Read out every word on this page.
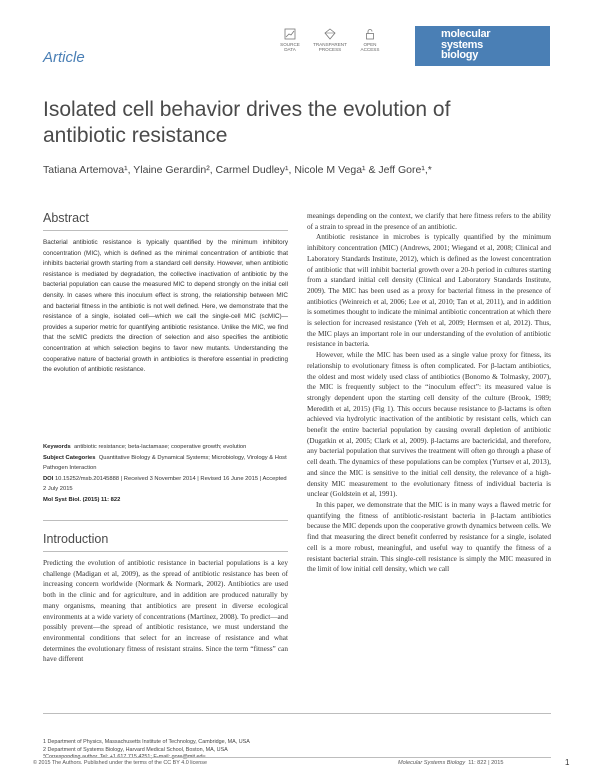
Article
SOURCE
DATA
TRANSPARENT
PROCESS
OPEN
ACCESS
molecular
systems
biology
Isolated cell behavior drives the evolution of antibiotic resistance
Tatiana Artemova¹, Ylaine Gerardin², Carmel Dudley¹, Nicole M Vega¹ & Jeff Gore¹,*
Abstract
Bacterial antibiotic resistance is typically quantified by the minimum inhibitory concentration (MIC), which is defined as the minimal concentration of antibiotic that inhibits bacterial growth starting from a standard cell density. However, when antibiotic resistance is mediated by degradation, the collective inactivation of antibiotic by the bacterial population can cause the measured MIC to depend strongly on the initial cell density. In cases where this inoculum effect is strong, the relationship between MIC and bacterial fitness in the antibiotic is not well defined. Here, we demonstrate that the resistance of a single, isolated cell—which we call the single-cell MIC (scMIC)—provides a superior metric for quantifying antibiotic resistance. Unlike the MIC, we find that the scMIC predicts the direction of selection and also specifies the antibiotic concentration at which selection begins to favor new mutants. Understanding the cooperative nature of bacterial growth in antibiotics is therefore essential in predicting the evolution of antibiotic resistance.
Keywords antibiotic resistance; beta-lactamase; cooperative growth; evolution
Subject Categories Quantitative Biology & Dynamical Systems; Microbiology, Virology & Host Pathogen Interaction
DOI 10.15252/msb.20145888 | Received 3 November 2014 | Revised 16 June 2015 | Accepted 2 July 2015
Mol Syst Biol. (2015) 11: 822
Introduction
Predicting the evolution of antibiotic resistance in bacterial populations is a key challenge (Madigan et al, 2009), as the spread of antibiotic resistance has been of increasing concern worldwide (Normark & Normark, 2002). Antibiotics are used both in the clinic and for agriculture, and in addition are produced naturally by many organisms, meaning that antibiotics are present in diverse ecological environments at a wide variety of concentrations (Martínez, 2008). To predict—and possibly prevent—the spread of antibiotic resistance, we must understand the environmental conditions that select for an increase of resistance and what determines the evolutionary fitness of resistant strains. Since the term “fitness” can have different

meanings depending on the context, we clarify that here fitness refers to the ability of a strain to spread in the presence of an antibiotic.

Antibiotic resistance in microbes is typically quantified by the minimum inhibitory concentration (MIC) (Andrews, 2001; Wiegand et al, 2008; Clinical and Laboratory Standards Institute, 2012), which is defined as the lowest concentration of antibiotic that will inhibit bacterial growth over a 20-h period in cultures starting from a standard initial cell density (Clinical and Laboratory Standards Institute, 2009). The MIC has been used as a proxy for bacterial fitness in the presence of antibiotics (Weinreich et al, 2006; Lee et al, 2010; Tan et al, 2011), and in addition is sometimes thought to indicate the minimal antibiotic concentration at which there is selection for increased resistance (Yeh et al, 2009; Hermsen et al, 2012). Thus, the MIC plays an important role in our understanding of the evolution of antibiotic resistance in bacteria.

However, while the MIC has been used as a single value proxy for fitness, its relationship to evolutionary fitness is often complicated. For β-lactam antibiotics, the oldest and most widely used class of antibiotics (Bonomo & Tolmasky, 2007), the MIC is frequently subject to the “inoculum effect”: its measured value is strongly dependent upon the starting cell density of the culture (Brook, 1989; Meredith et al, 2015) (Fig 1). This occurs because resistance to β-lactams is often achieved via hydrolytic inactivation of the antibiotic by resistant cells, which can benefit the entire bacterial population by causing overall depletion of antibiotic (Dugatkin et al, 2005; Clark et al, 2009). β-lactams are bactericidal, and therefore, any bacterial population that survives the treatment will often go through a phase of cell death. The dynamics of these populations can be complex (Yurtsev et al, 2013), and since the MIC is sensitive to the initial cell density, the relevance of a high-density MIC measurement to the evolutionary fitness of individual bacteria is unclear (Goldstein et al, 1991).

In this paper, we demonstrate that the MIC is in many ways a flawed metric for quantifying the fitness of antibiotic-resistant bacteria in β-lactam antibiotics because the MIC depends upon the cooperative growth dynamics between cells. We find that measuring the direct benefit conferred by resistance for a single, isolated cell is a more robust, meaningful, and useful way to quantify the fitness of a resistant bacterial strain. This single-cell resistance is simply the MIC measured in the limit of low initial cell density, which we call

1 Department of Physics, Massachusetts Institute of Technology, Cambridge, MA, USA
2 Department of Systems Biology, Harvard Medical School, Boston, MA, USA
*Corresponding author. Tel: +1 617 715 4251; E-mail: gore@mit.edu
© 2015 The Authors. Published under the terms of the CC BY 4.0 license	Molecular Systems Biology 11: 822 | 2015	1
